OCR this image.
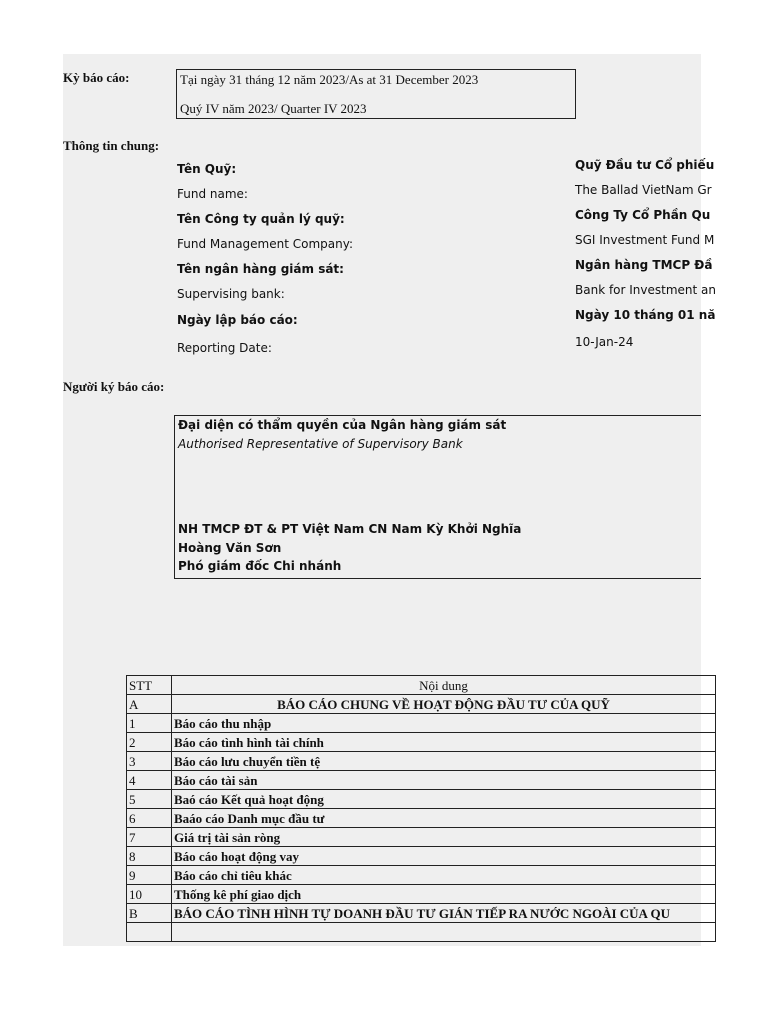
Kỳ báo cáo:	Tại ngày 31 tháng 12 năm 2023/As at 31 December 2023
Quý IV năm 2023/ Quarter IV 2023
Thông tin chung:
Tên Quỹ:	Quỹ Đầu tư Cổ phiếu
Fund name:	The Ballad VietNam Gr
Tên Công ty quản lý quỹ:	Công Ty Cổ Phần Qu
Fund Management Company:	SGI Investment Fund M
Tên ngân hàng giám sát:	Ngân hàng TMCP Đầ
Supervising bank:	Bank for Investment an
Ngày lập báo cáo:	Ngày 10 tháng 01 nă
Reporting Date:	10-Jan-24
Người ký báo cáo:
Đại diện có thẩm quyền của Ngân hàng giám sát
Authorised Representative of Supervisory Bank
NH TMCP ĐT & PT Việt Nam CN Nam Kỳ Khởi Nghĩa
Hoàng Văn Sơn
Phó giám đốc Chi nhánh
STT	Nội dung
A	BÁO CÁO CHUNG VỀ HOẠT ĐỘNG ĐẦU TƯ CỦA QUỸ
1	Báo cáo thu nhập
2	Báo cáo tình hình tài chính
3	Báo cáo lưu chuyển tiền tệ
4	Báo cáo tài sản
5	Baó cáo Kết quả hoạt động
6	Baáo cáo Danh mục đầu tư
7	Giá trị tài sản ròng
8	Báo cáo hoạt động vay
9	Báo cáo chỉ tiêu khác
10	Thống kê phí giao dịch
B	BÁO CÁO TÌNH HÌNH TỰ DOANH ĐẦU TƯ GIÁN TIẾP RA NƯỚC NGOÀI CỦA QU
